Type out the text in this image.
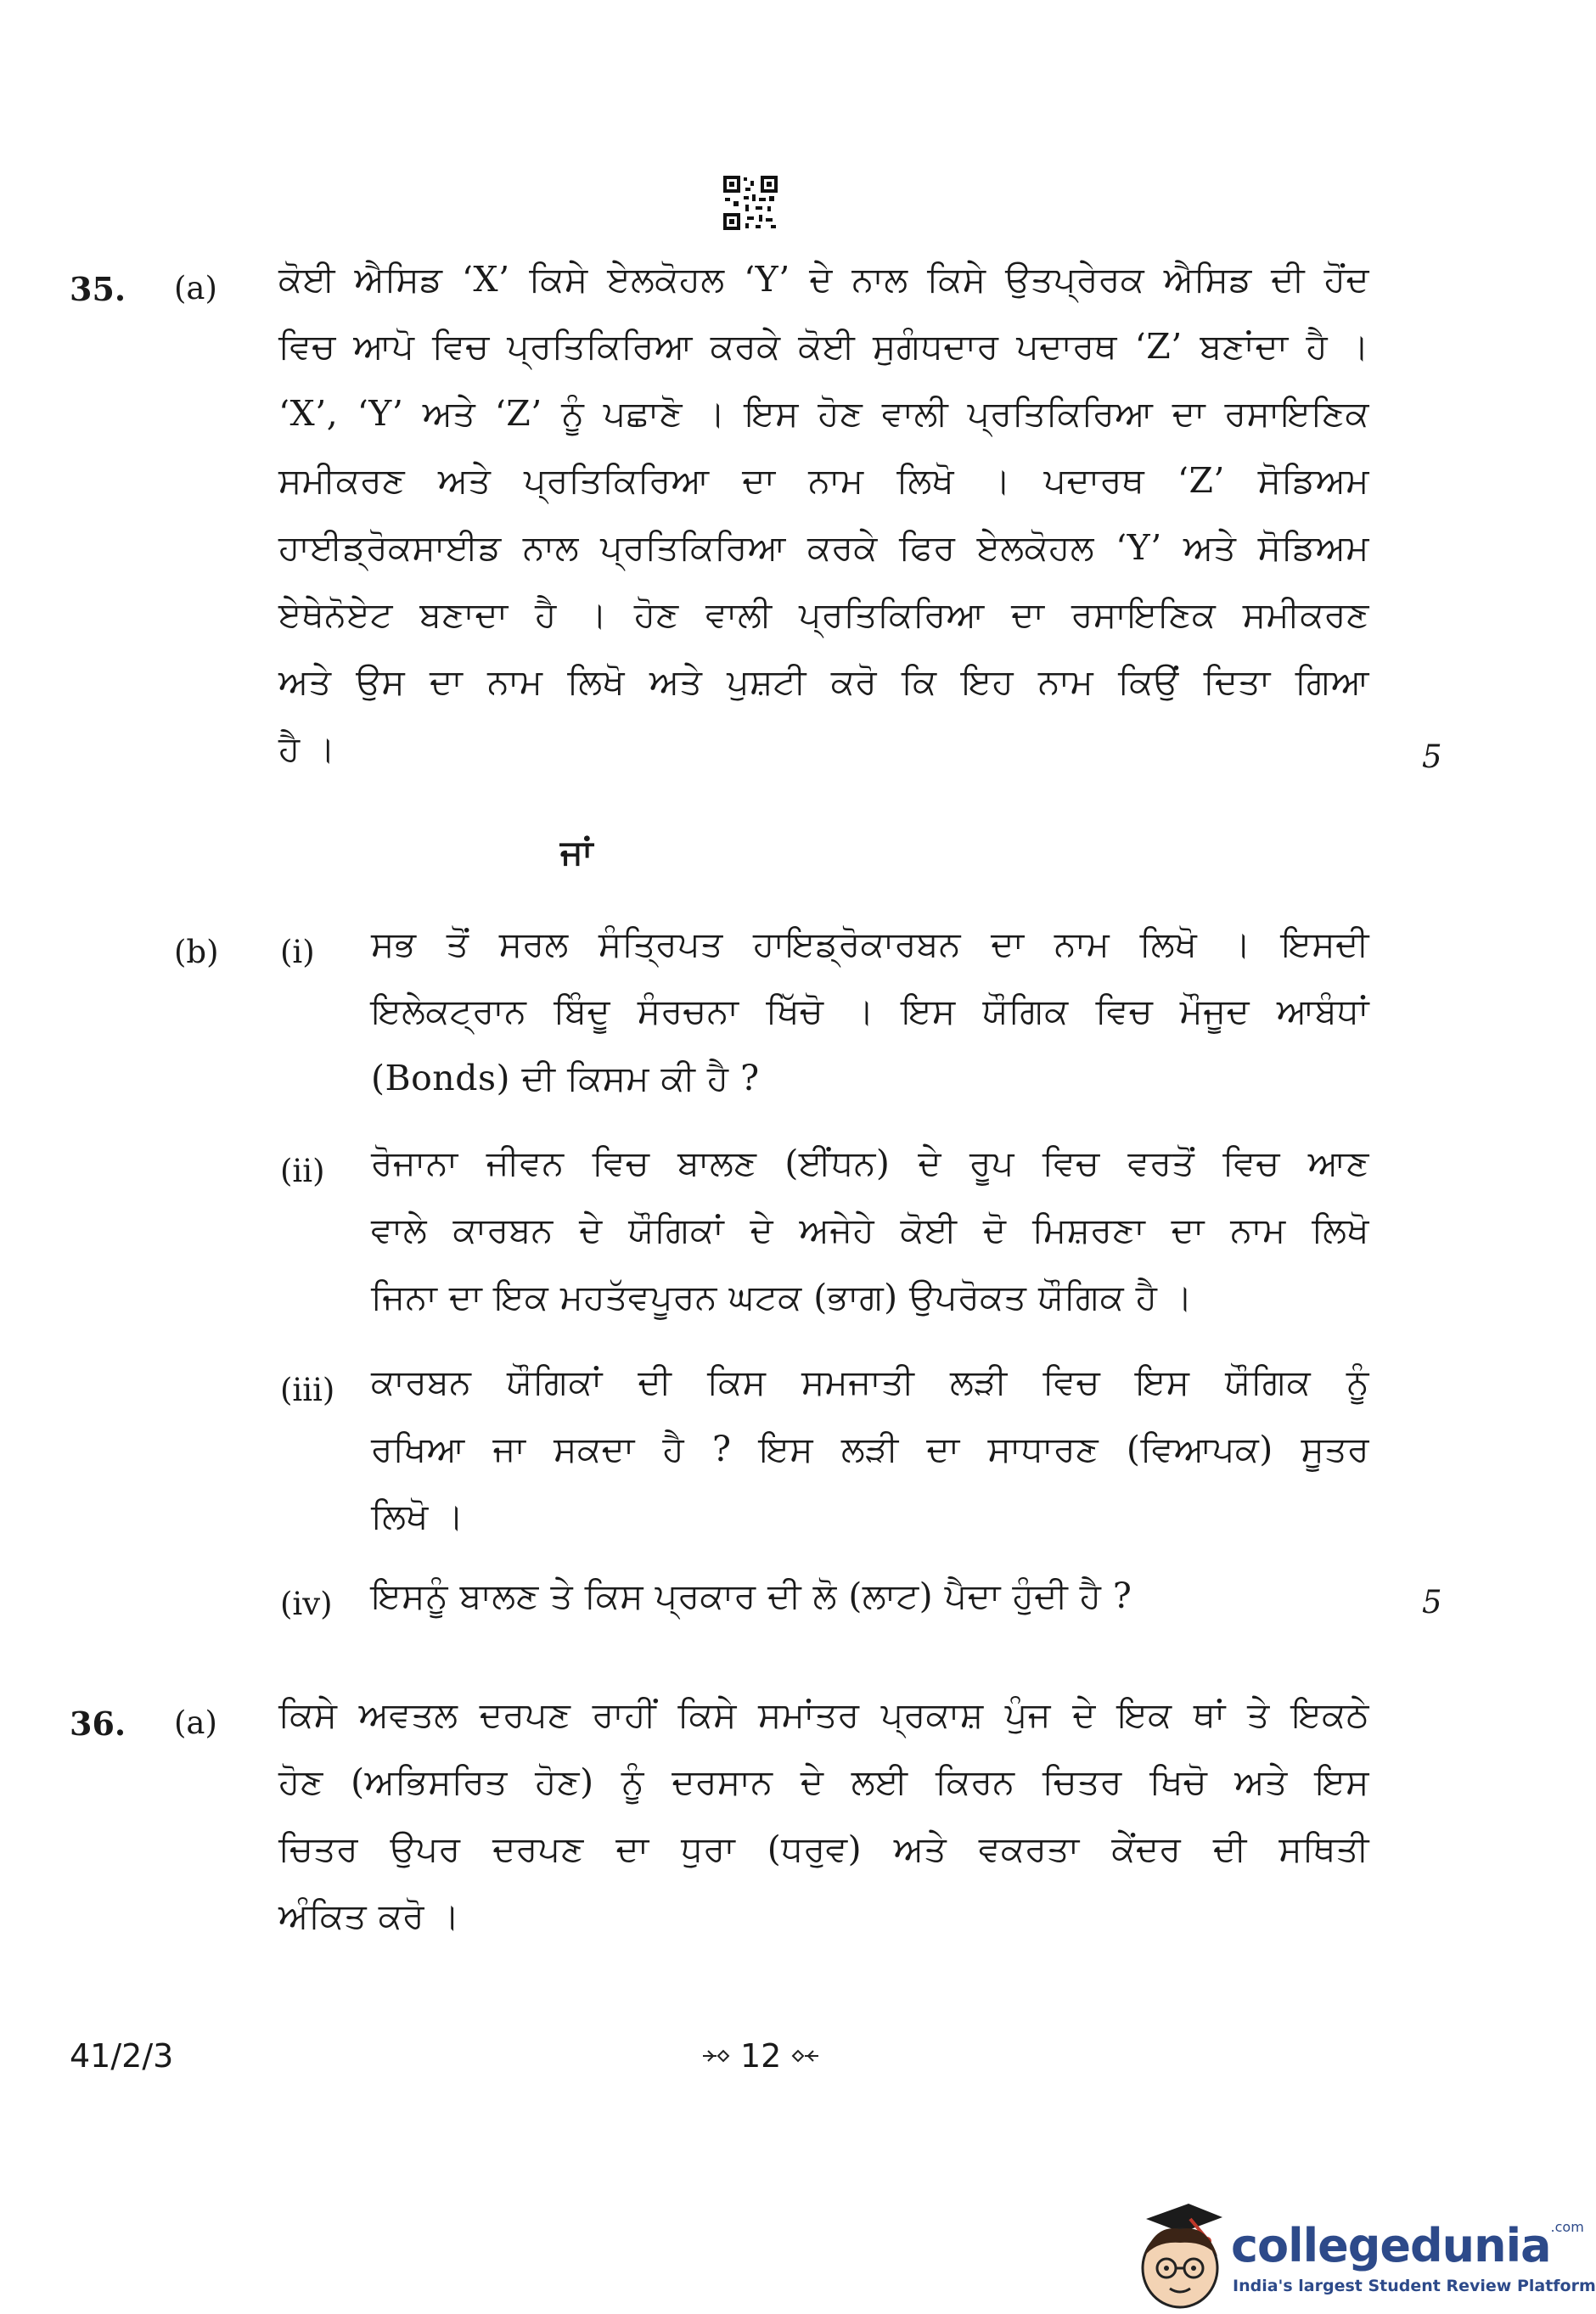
35. (a) ਕੋਈ ਐਸਿਡ ‘X’ ਕਿਸੇ ਏਲਕੋਹਲ ‘Y’ ਦੇ ਨਾਲ ਕਿਸੇ ਉਤਪ੍ਰੇਰਕ ਐਸਿਡ ਦੀ ਹੋਂਦ
ਵਿਚ ਆਪੋ ਵਿਚ ਪ੍ਰਤਿਕਿਰਿਆ ਕਰਕੇ ਕੋਈ ਸੁਗੰਧਦਾਰ ਪਦਾਰਥ ‘Z’ ਬਣਾਂਦਾ ਹੈ ।
‘X’, ‘Y’ ਅਤੇ ‘Z’ ਨੂੰ ਪਛਾਣੋ । ਇਸ ਹੋਣ ਵਾਲੀ ਪ੍ਰਤਿਕਿਰਿਆ ਦਾ ਰਸਾਇਣਿਕ
ਸਮੀਕਰਣ ਅਤੇ ਪ੍ਰਤਿਕਿਰਿਆ ਦਾ ਨਾਮ ਲਿਖੋ । ਪਦਾਰਥ ‘Z’ ਸੋਡਿਅਮ
ਹਾਈਡ੍ਰੋਕਸਾਈਡ ਨਾਲ ਪ੍ਰਤਿਕਿਰਿਆ ਕਰਕੇ ਫਿਰ ਏਲਕੋਹਲ ‘Y’ ਅਤੇ ਸੋਡਿਅਮ
ਏਥੇਨੋਏਟ ਬਣਾਦਾ ਹੈ । ਹੋਣ ਵਾਲੀ ਪ੍ਰਤਿਕਿਰਿਆ ਦਾ ਰਸਾਇਣਿਕ ਸਮੀਕਰਣ
ਅਤੇ ਉਸ ਦਾ ਨਾਮ ਲਿਖੋ ਅਤੇ ਪੁਸ਼ਟੀ ਕਰੋ ਕਿ ਇਹ ਨਾਮ ਕਿਉਂ ਦਿਤਾ ਗਿਆ
ਹੈ ।	5
ਜਾਂ
(b) (i) ਸਭ ਤੋਂ ਸਰਲ ਸੰਤ੍ਰਿਪਤ ਹਾਇਡ੍ਰੋਕਾਰਬਨ ਦਾ ਨਾਮ ਲਿਖੋ । ਇਸਦੀ
ਇਲੇਕਟ੍ਰਾਨ ਬਿੰਦੂ ਸੰਰਚਨਾ ਖਿੱਚੋ । ਇਸ ਯੌਗਿਕ ਵਿਚ ਮੌਜੂਦ ਆਬੰਧਾਂ
(Bonds) ਦੀ ਕਿਸਮ ਕੀ ਹੈ ?
(ii) ਰੋਜਾਨਾ ਜੀਵਨ ਵਿਚ ਬਾਲਣ (ਈਂਧਨ) ਦੇ ਰੂਪ ਵਿਚ ਵਰਤੋਂ ਵਿਚ ਆਣ
ਵਾਲੇ ਕਾਰਬਨ ਦੇ ਯੌਗਿਕਾਂ ਦੇ ਅਜੇਹੇ ਕੋਈ ਦੋ ਮਿਸ਼ਰਣਾ ਦਾ ਨਾਮ ਲਿਖੋ
ਜਿਨਾ ਦਾ ਇਕ ਮਹਤੱਵਪੂਰਨ ਘਟਕ (ਭਾਗ) ਉਪਰੋਕਤ ਯੌਗਿਕ ਹੈ ।
(iii) ਕਾਰਬਨ ਯੌਗਿਕਾਂ ਦੀ ਕਿਸ ਸਮਜਾਤੀ ਲੜੀ ਵਿਚ ਇਸ ਯੌਗਿਕ ਨੂੰ
ਰਖਿਆ ਜਾ ਸਕਦਾ ਹੈ ? ਇਸ ਲੜੀ ਦਾ ਸਾਧਾਰਣ (ਵਿਆਪਕ) ਸੂਤਰ
ਲਿਖੋ ।
(iv) ਇਸਨੂੰ ਬਾਲਣ ਤੇ ਕਿਸ ਪ੍ਰਕਾਰ ਦੀ ਲੋ (ਲਾਟ) ਪੈਦਾ ਹੁੰਦੀ ਹੈ ?	5
36. (a) ਕਿਸੇ ਅਵਤਲ ਦਰਪਣ ਰਾਹੀਂ ਕਿਸੇ ਸਮਾਂਤਰ ਪ੍ਰਕਾਸ਼ ਪੁੰਜ ਦੇ ਇਕ ਥਾਂ ਤੇ ਇਕਠੇ
ਹੋਣ (ਅਭਿਸਰਿਤ ਹੋਣ) ਨੂੰ ਦਰਸਾਨ ਦੇ ਲਈ ਕਿਰਨ ਚਿਤਰ ਖਿਚੋ ਅਤੇ ਇਸ
ਚਿਤਰ ਉਪਰ ਦਰਪਣ ਦਾ ਧੁਰਾ (ਧਰੁਵ) ਅਤੇ ਵਕਰਤਾ ਕੇਂਦਰ ਦੀ ਸਥਿਤੀ
ਅੰਕਿਤ ਕਰੋ ।
41/2/3	12
collegedunia$^{.com}$
India's largest Student Review Platform
